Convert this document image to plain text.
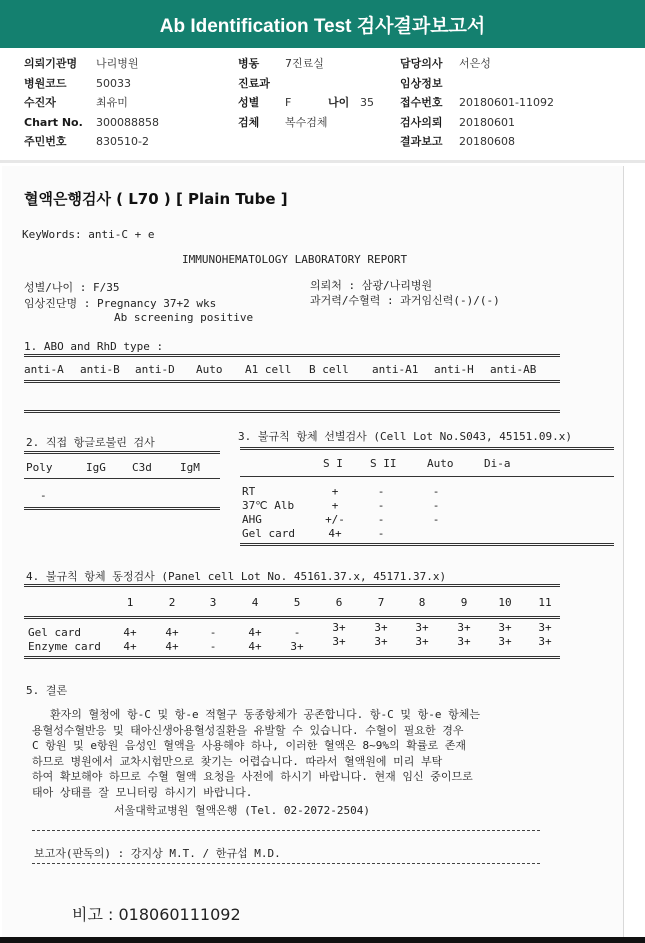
Ab Identification Test 검사결과보고서
의뢰기관명 나리병원	병동 7진료실	담당의사 서은성
병원코드	50033	진료과	임상정보
수진자	최유미	성별 F	나이 35 접수번호 20180601-11092
Chart No. 300088858	검체 복수검체	검사의뢰 20180601
주민번호	830510-2	결과보고 20180608
혈액은행검사 ( L70 ) [ Plain Tube ]
KeyWords: anti-C + e
IMMUNOHEMATOLOGY LABORATORY REPORT
성별/나이 : F/35
임상진단명 : Pregnancy 37+2 wks
Ab screening positive
의뢰처 : 삼광/나리병원
과거력/수혈력 : 과거임신력(-)/(-)
1. ABO and RhD type :
anti-A anti-B anti-D Auto A1 cell B cell anti-A1 anti-H anti-AB
2. 직접 항글로불린 검사
Poly	IgG C3d	IgM
-
3. 불규칙 항체 선별검사 (Cell Lot No.S043, 45151.09.x)
S I S II	Auto	Di-a
RT	+	-	-
37℃ Alb	+	-	-
AHG	+/-	-	-
Gel card	4+	-
4. 불규칙 항체 동정검사 (Panel cell Lot No. 45161.37.x, 45171.37.x)
1	2	3	4	5	6	7	8	9	10	11
Gel card	4+	4+	-	4+	-	3+	3+	3+	3+	3+	3+
Enzyme card	4+	4+	-	4+	3+	3+	3+	3+	3+	3+	3+
5. 결론
환자의 혈청에 항-C 및 항-e 적혈구 동종항체가 공존합니다. 항-C 및 항-e 항체는
용혈성수혈반응 및 태아신생아용혈성질환을 유발할 수 있습니다. 수혈이 필요한 경우
C 항원 및 e항원 음성인 혈액을 사용해야 하나, 이러한 혈액은 8~9%의 확률로 존재
하므로 병원에서 교차시험만으로 찾기는 어렵습니다. 따라서 혈액원에 미리 부탁
하여 확보해야 하므로 수혈 혈액 요청을 사전에 하시기 바랍니다. 현재 임신 중이므로
태아 상태를 잘 모니터링 하시기 바랍니다.
서울대학교병원 혈액은행 (Tel. 02-2072-2504)
보고자(판독의) : 강지상 M.T. / 한규섭 M.D.
비고 : 018060111092
